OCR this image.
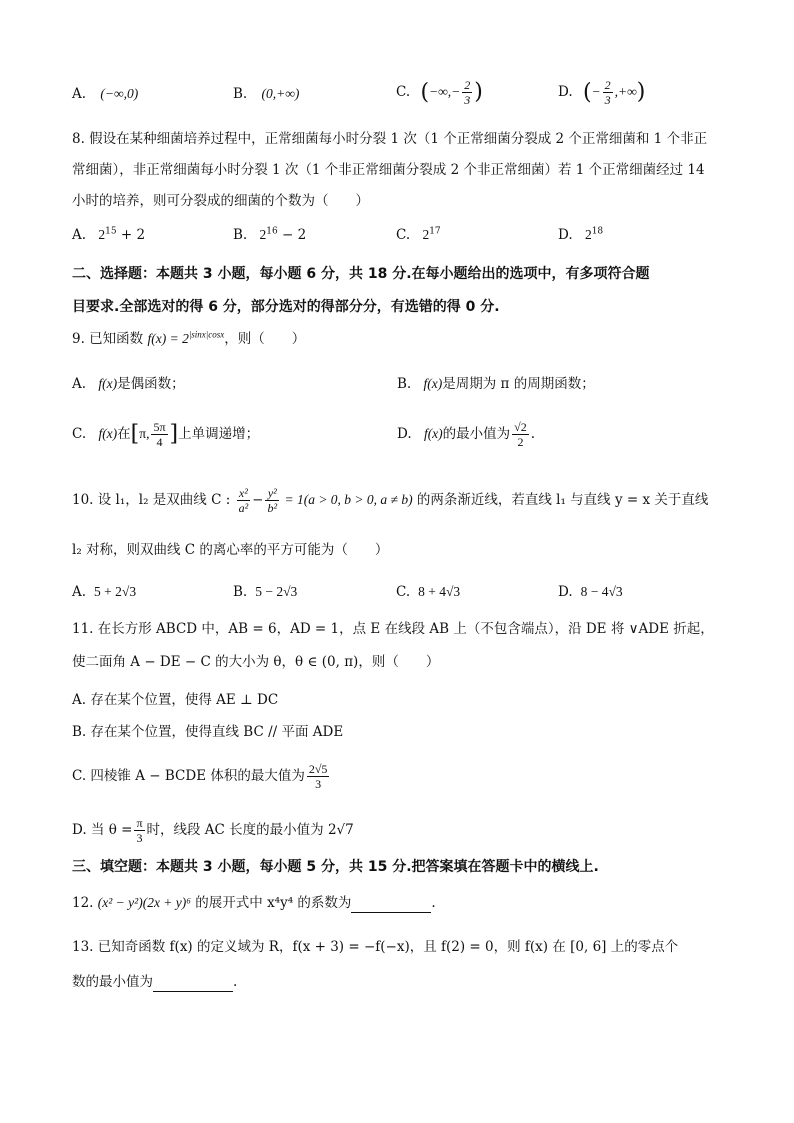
A. (−∞,0)	B. (0,+∞)	C. (−∞,− $\frac{2}{3}$ )	D. (− $\frac{2}{3}$ ,+∞)
8. 假设在某种细菌培养过程中，正常细菌每小时分裂 1 次（1 个正常细菌分裂成 2 个正常细菌和 1 个非正
常细菌），非正常细菌每小时分裂 1 次（1 个非正常细菌分裂成 2 个非正常细菌）若 1 个正常细菌经过 14
小时的培养，则可分裂成的细菌的个数为（　　）
A. $2^{15} + 2$	B. $2^{16} - 2$	C. $2^{17}$	D. $2^{18}$
二、选择题：本题共 3 小题，每小题 6 分，共 18 分.在每小题给出的选项中，有多项符合题
目要求.全部选对的得 6 分，部分选对的得部分分，有选错的得 0 分.
9. 已知函数 $f(x) = 2^{|sinx|cosx}$，则（　　）
A. f(x)是偶函数；	B. f(x)是周期为 π 的周期函数；
C. f(x)在[π, $\frac{5\pi}{4}$ ]上单调递增；	D. f(x)的最小值为 $\frac{√2}{2}$ .
10. 设 l₁，l₂ 是双曲线 C : $\frac{\text{x²}}{\text{a²}} - \frac{\text{y²}}{\text{b²}} = 1(a > 0$, b > 0, a ≠ b) 的两条渐近线，若直线 l₁ 与直线 y = x 关于直线
l₂ 对称，则双曲线 C 的离心率的平方可能为（　　）
A. 5 + 2√3	B. 5 − 2√3	C. 8 + 4√3	D. 8 − 4√3
11. 在长方形 ABCD 中，AB = 6，AD = 1，点 E 在线段 AB 上（不包含端点），沿 DE 将 ∨ADE 折起，
使二面角 A − DE − C 的大小为 θ，θ ∈ (0, π)，则（　　）
A. 存在某个位置，使得 AE ⊥ DC
B. 存在某个位置，使得直线 BC // 平面 ADE
C. 四棱锥 A − BCDE 体积的最大值为 $\frac{2√5}{3}$
D. 当 $\theta = \frac{\pi}{3}$ 时，线段 AC 长度的最小值为 2√7
三、填空题：本题共 3 小题，每小题 5 分，共 15 分.把答案填在答题卡中的横线上.
12. (x² − y²)(2x + y)⁶ 的展开式中 x⁴y⁴ 的系数为	.
13. 已知奇函数 f(x) 的定义域为 R，f(x + 3) = −f(−x)，且 f(2) = 0，则 f(x) 在 [0, 6] 上的零点个
数的最小值为	.
